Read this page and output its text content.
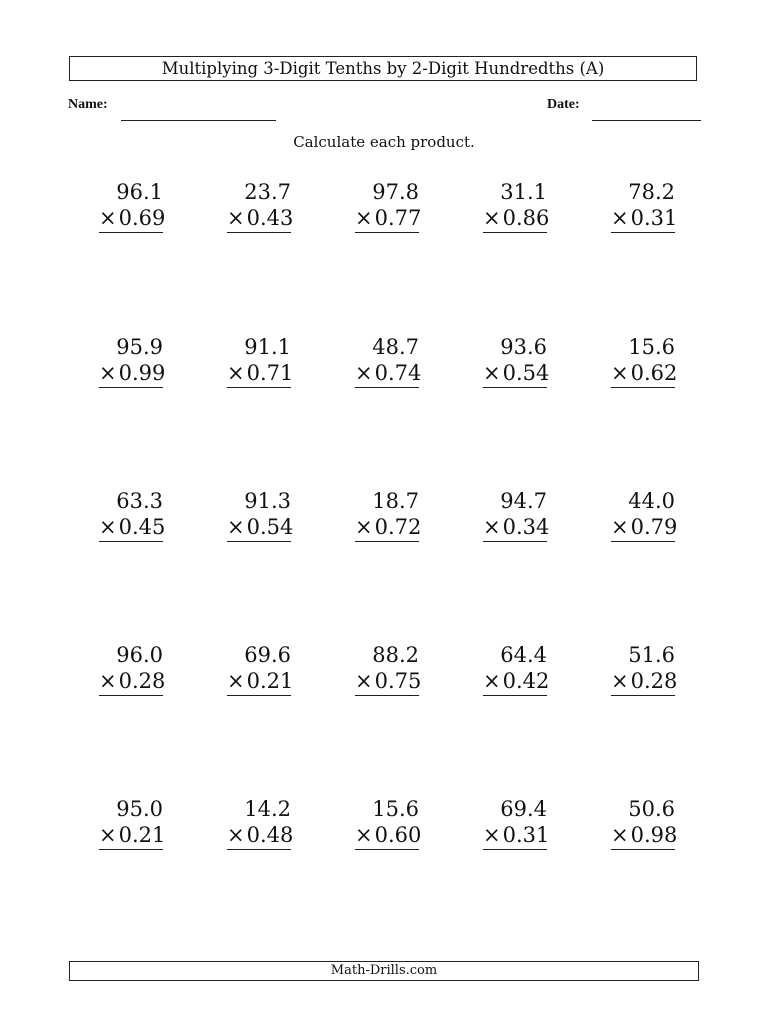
Multiplying 3-Digit Tenths by 2-Digit Hundredths (A)
Name:	Date:
Calculate each product.
96.1
×0.69
23.7
×0.43
97.8
×0.77
31.1
×0.86
78.2
×0.31
95.9
×0.99
91.1
×0.71
48.7
×0.74
93.6
×0.54
15.6
×0.62
63.3
×0.45
91.3
×0.54
18.7
×0.72
94.7
×0.34
44.0
×0.79
96.0
×0.28
69.6
×0.21
88.2
×0.75
64.4
×0.42
51.6
×0.28
95.0
×0.21
14.2
×0.48
15.6
×0.60
69.4
×0.31
50.6
×0.98
Math-Drills.com
